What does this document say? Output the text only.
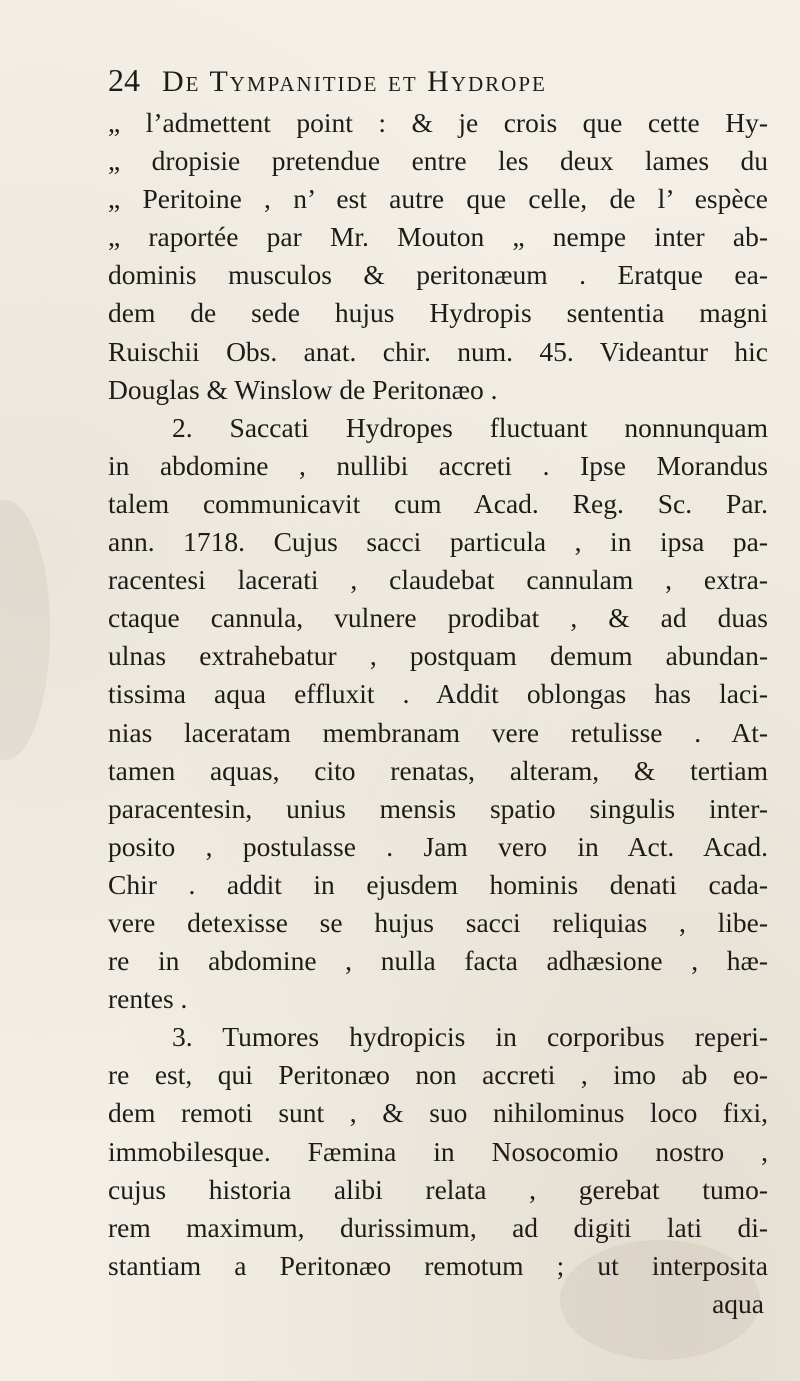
24 De Tympanitide et Hydrope
„ l’admettent point : & je crois que cette Hy-
„ dropisie pretendue entre les deux lames du
„ Peritoine , n’ est autre que celle, de l’ espèce
„ raportée par Mr. Mouton „ nempe inter ab-
dominis musculos & peritonæum . Eratque ea-
dem de sede hujus Hydropis sententia magni
Ruischii Obs. anat. chir. num. 45. Videantur hic
Douglas & Winslow de Peritonæo .
2. Saccati Hydropes fluctuant nonnunquam
in abdomine , nullibi accreti . Ipse Morandus
talem communicavit cum Acad. Reg. Sc. Par.
ann. 1718. Cujus sacci particula , in ipsa pa-
racentesi lacerati , claudebat cannulam , extra-
ctaque cannula, vulnere prodibat , & ad duas
ulnas extrahebatur , postquam demum abundan-
tissima aqua effluxit . Addit oblongas has laci-
nias laceratam membranam vere retulisse . At-
tamen aquas, cito renatas, alteram, & tertiam
paracentesin, unius mensis spatio singulis inter-
posito , postulasse . Jam vero in Act. Acad.
Chir . addit in ejusdem hominis denati cada-
vere detexisse se hujus sacci reliquias , libe-
re in abdomine , nulla facta adhæsione , hæ-
rentes .
3. Tumores hydropicis in corporibus reperi-
re est, qui Peritonæo non accreti , imo ab eo-
dem remoti sunt , & suo nihilominus loco fixi,
immobilesque. Fæmina in Nosocomio nostro ,
cujus historia alibi relata , gerebat tumo-
rem maximum, durissimum, ad digiti lati di-
stantiam a Peritonæo remotum ; ut interposita
aqua
